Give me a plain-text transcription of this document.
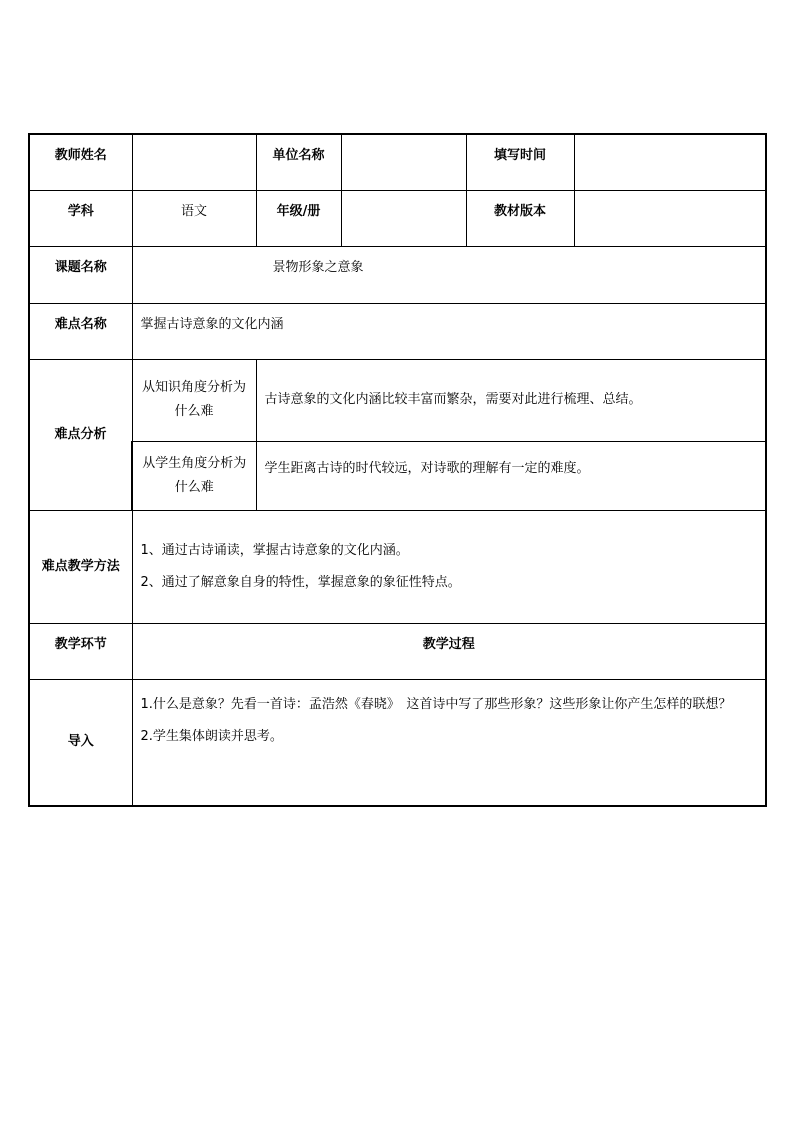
教师姓名		单位名称		填写时间	
学科	语文	年级/册		教材版本	
课题名称	景物形象之意象				
难点名称	掌握古诗意象的文化内涵				
难点分析	从知识角度分析为什么难	古诗意象的文化内涵比较丰富而繁杂，需要对此进行梳理、总结。			
	从学生角度分析为什么难	学生距离古诗的时代较远，对诗歌的理解有一定的难度。			
难点教学方法	1、通过古诗诵读，掌握古诗意象的文化内涵。

2、通过了解意象自身的特性，掌握意象的象征性特点。				

教学环节	教学过程				
导入	1.什么是意象？先看一首诗：孟浩然《春晓》　这首诗中写了那些形象？这些形象让你产生怎样的联想？

2.学生集体朗读并思考。				
